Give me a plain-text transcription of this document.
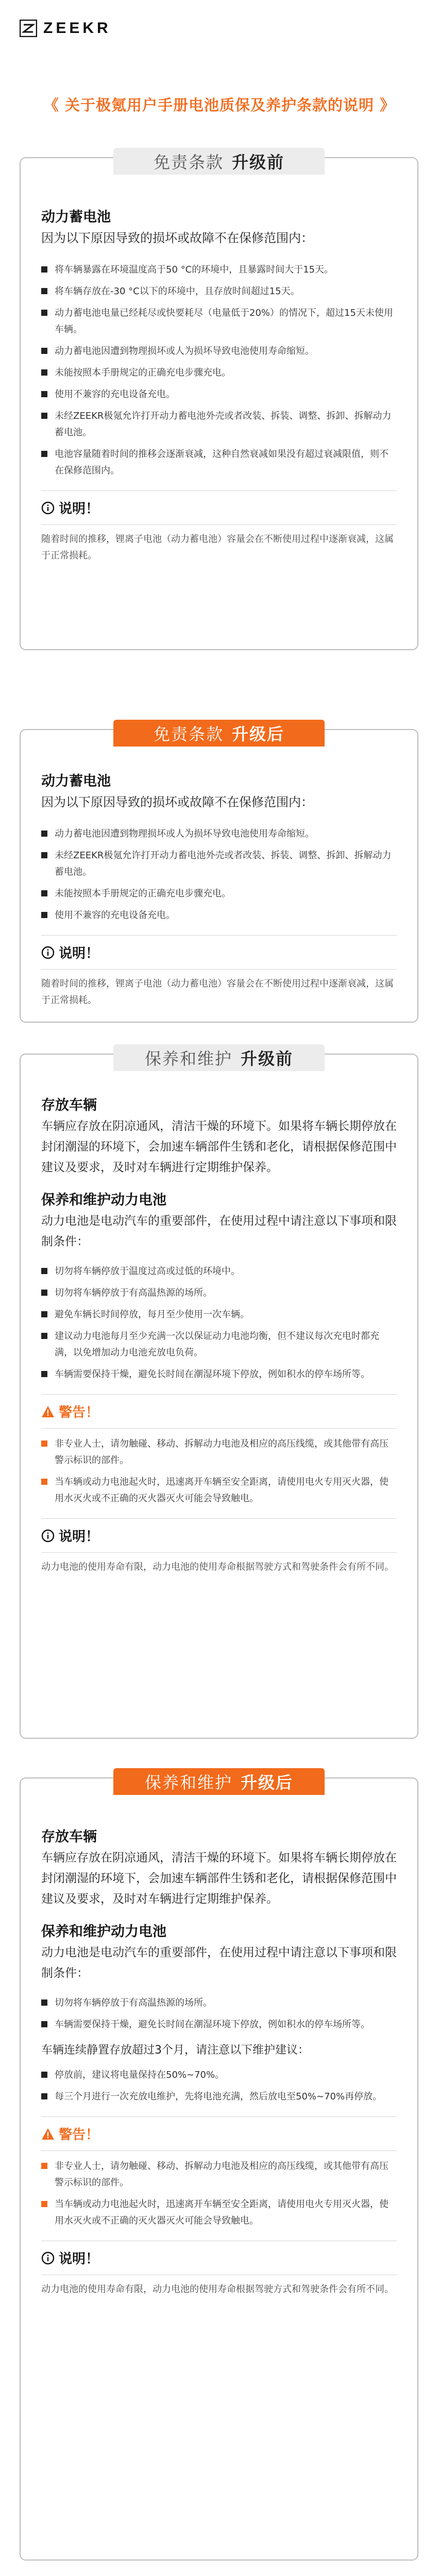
ZEEKR
《 关于极氪用户手册电池质保及养护条款的说明 》
免责条款 升级前
动力蓄电池
因为以下原因导致的损坏或故障不在保修范围内：
将车辆暴露在环境温度高于50 °C的环境中，且暴露时间大于15天。
将车辆存放在-30 °C以下的环境中，且存放时间超过15天。
动力蓄电池电量已经耗尽或快要耗尽（电量低于20%）的情况下，超过15天未使用车辆。
动力蓄电池因遭到物理损坏或人为损坏导致电池使用寿命缩短。
未能按照本手册规定的正确充电步骤充电。
使用不兼容的充电设备充电。
未经ZEEKR极氪允许打开动力蓄电池外壳或者改装、拆装、调整、拆卸、拆解动力蓄电池。
电池容量随着时间的推移会逐渐衰减，这种自然衰减如果没有超过衰减限值，则不在保修范围内。
说明！
随着时间的推移，锂离子电池（动力蓄电池）容量会在不断使用过程中逐渐衰减，这属于正常损耗。
免责条款 升级后
动力蓄电池
因为以下原因导致的损坏或故障不在保修范围内：
动力蓄电池因遭到物理损坏或人为损坏导致电池使用寿命缩短。
未经ZEEKR极氪允许打开动力蓄电池外壳或者改装、拆装、调整、拆卸、拆解动力蓄电池。
未能按照本手册规定的正确充电步骤充电。
使用不兼容的充电设备充电。
说明！
随着时间的推移，锂离子电池（动力蓄电池）容量会在不断使用过程中逐渐衰减，这属于正常损耗。
保养和维护 升级前
存放车辆
车辆应存放在阴凉通风，清洁干燥的环境下。如果将车辆长期停放在封闭潮湿的环境下，会加速车辆部件生锈和老化，请根据保修范围中建议及要求，及时对车辆进行定期维护保养。
保养和维护动力电池
动力电池是电动汽车的重要部件，在使用过程中请注意以下事项和限制条件：
切勿将车辆停放于温度过高或过低的环境中。
切勿将车辆停放于有高温热源的场所。
避免车辆长时间停放，每月至少使用一次车辆。
建议动力电池每月至少充满一次以保证动力电池均衡，但不建议每次充电时都充满，以免增加动力电池充放电负荷。
车辆需要保持干燥，避免长时间在潮湿环境下停放，例如积水的停车场所等。
警告！
非专业人士，请勿触碰、移动、拆解动力电池及相应的高压线缆，或其他带有高压警示标识的部件。
当车辆或动力电池起火时，迅速离开车辆至安全距离，请使用电火专用灭火器，使用水灭火或不正确的灭火器灭火可能会导致触电。
说明！
动力电池的使用寿命有限，动力电池的使用寿命根据驾驶方式和驾驶条件会有所不同。
保养和维护 升级后
存放车辆
车辆应存放在阴凉通风，清洁干燥的环境下。如果将车辆长期停放在封闭潮湿的环境下，会加速车辆部件生锈和老化，请根据保修范围中建议及要求，及时对车辆进行定期维护保养。
保养和维护动力电池
动力电池是电动汽车的重要部件，在使用过程中请注意以下事项和限制条件：
切勿将车辆停放于有高温热源的场所。
车辆需要保持干燥，避免长时间在潮湿环境下停放，例如积水的停车场所等。
车辆连续静置存放超过3个月，请注意以下维护建议：
停放前，建议将电量保持在50%~70%。
每三个月进行一次充放电维护，先将电池充满，然后放电至50%~70%再停放。
警告！
非专业人士，请勿触碰、移动、拆解动力电池及相应的高压线缆，或其他带有高压警示标识的部件。
当车辆或动力电池起火时，迅速离开车辆至安全距离，请使用电火专用灭火器，使用水灭火或不正确的灭火器灭火可能会导致触电。
说明！
动力电池的使用寿命有限，动力电池的使用寿命根据驾驶方式和驾驶条件会有所不同。
